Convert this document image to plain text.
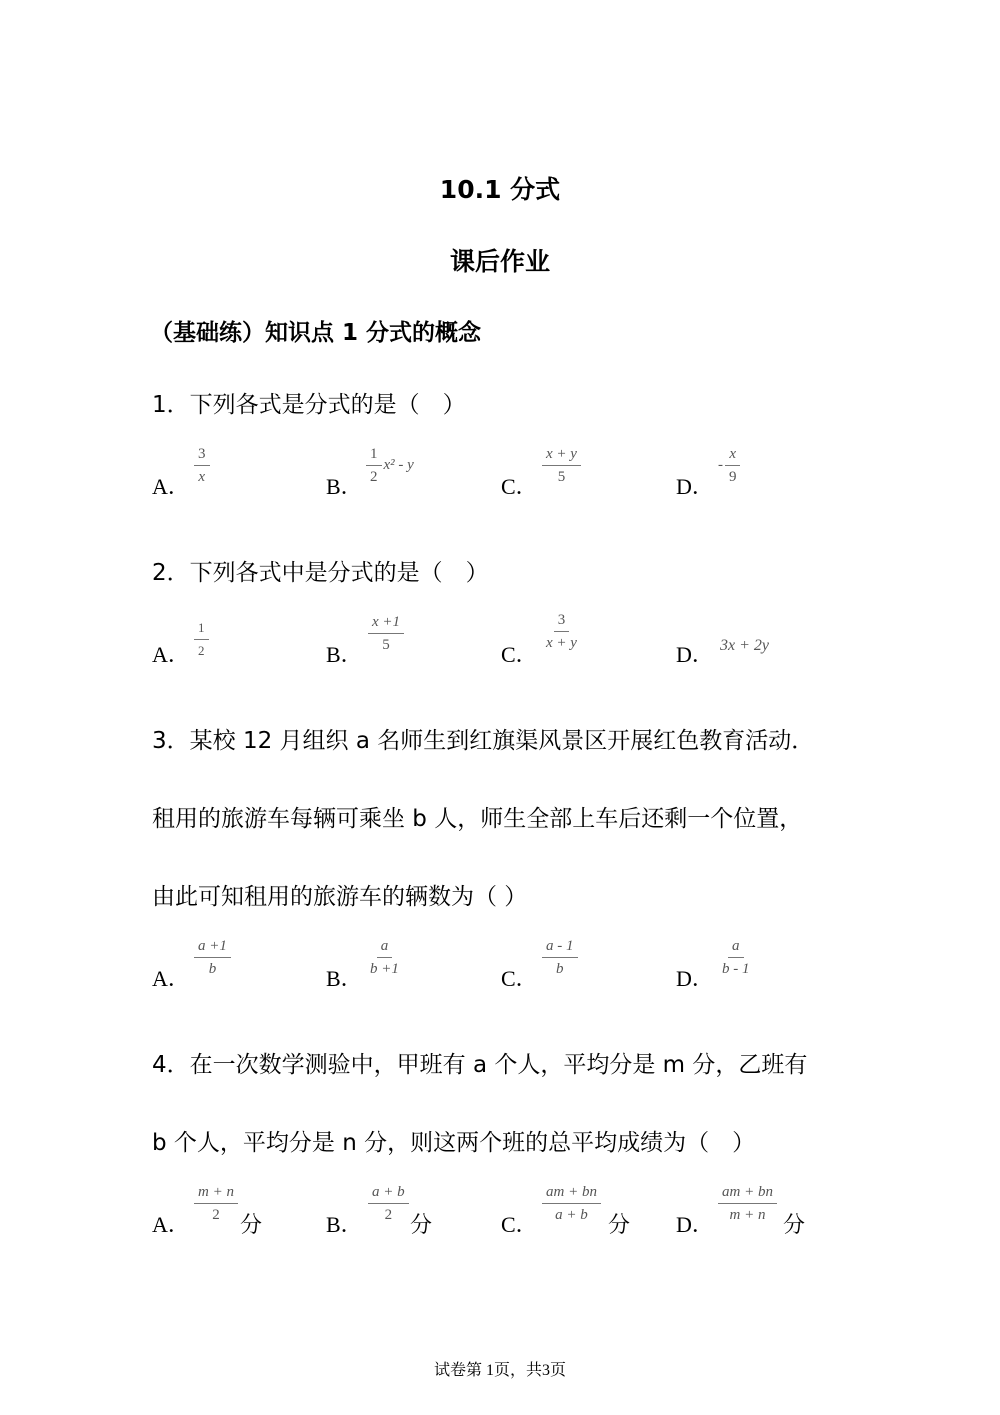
10.1 分式
课后作业
（基础练）知识点 1 分式的概念
1．下列各式是分式的是（　）
A．
$\frac{3}{x}$
B．
$\frac{1}{2} x^2$ - y
C．
$\frac{x + y}{5}$
D．
- $\frac{x}{9}$
2．下列各式中是分式的是（　）
A． $\frac{1}{2}$	B．
$\frac{x +1}{5}$
C．
$\frac{3}{x + y}$
D． 3x + 2y
3．某校 12 月组织 a 名师生到红旗渠风景区开展红色教育活动．
租用的旅游车每辆可乘坐 b 人，师生全部上车后还剩一个位置，
由此可知租用的旅游车的辆数为（ ）
A．
$\frac{a +1}{b}$
B．
$\frac{a}{b +1}$
C．
$\frac{a - 1}{b}$
D．
$\frac{a}{b - 1}$
4．在一次数学测验中，甲班有 a 个人，平均分是 m 分，乙班有
b 个人，平均分是 n 分，则这两个班的总平均成绩为（　）
A．
$\frac{m + n}{2}$
分	B．
$\frac{a + b}{2}$
分	C．
$\frac{am + bn}{a + b}$
分 D．
$\frac{am + bn}{m + n}$
分
试卷第 1页，共3页
